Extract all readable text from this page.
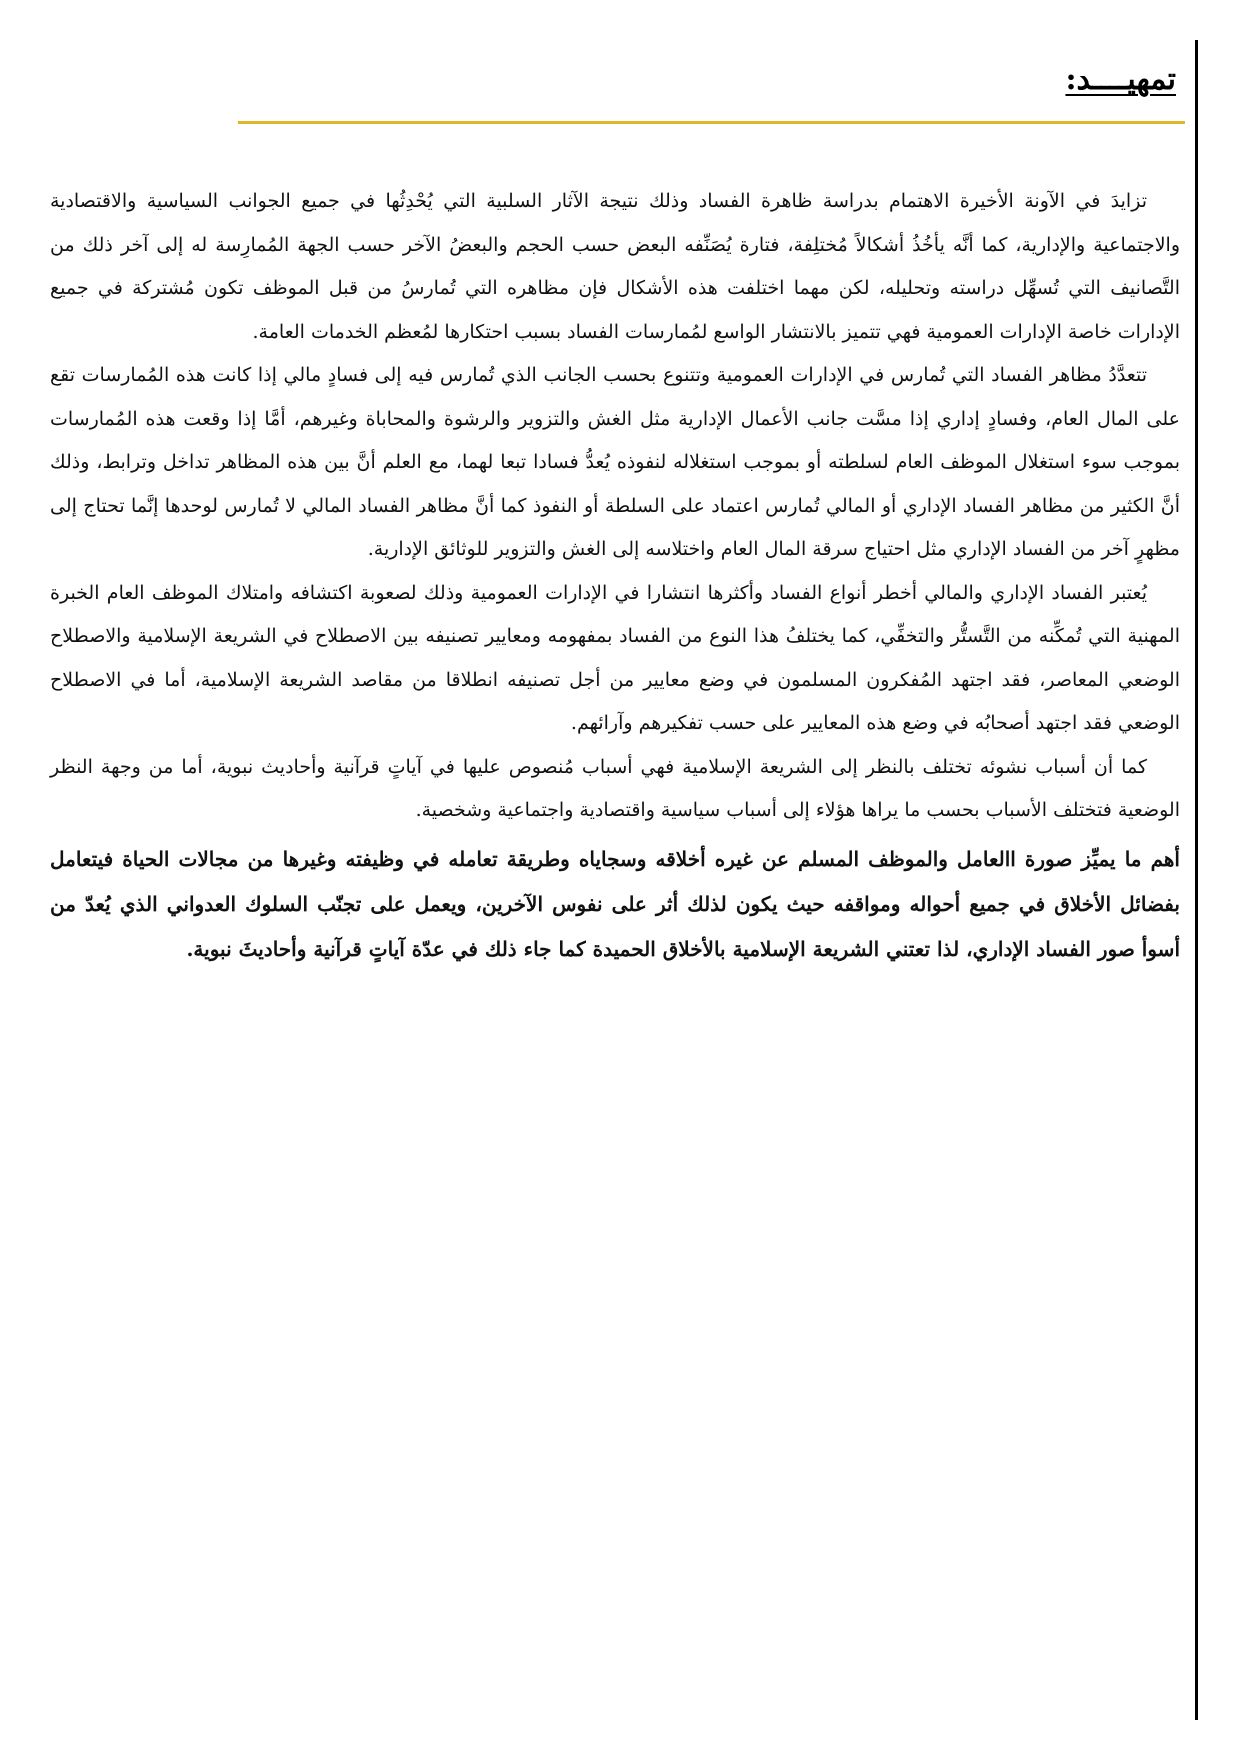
تمهيــــد:

تزايدَ في الآونة الأخيرة الاهتمام بدراسة ظاهرة الفساد وذلك نتيجة الآثار السلبية التي يُحْدِثُها في جميع الجوانب السياسية والاقتصادية والاجتماعية والإدارية، كما أنَّه يأخُذُ أشكالاً مُختلِفة، فتارة يُصَنِّفه البعض حسب الحجم والبعضُ الآخر حسب الجهة المُمارِسة له إلى آخر ذلك من التَّصانيف التي تُسهِّل دراسته وتحليله، لكن مهما اختلفت هذه الأشكال فإن مظاهره التي تُمارسُ من قبل الموظف تكون مُشتركة في جميع الإدارات خاصة الإدارات العمومية فهي تتميز بالانتشار الواسع لمُمارسات الفساد بسبب احتكارها لمُعظم الخدمات العامة.

تتعدَّدُ مظاهر الفساد التي تُمارس في الإدارات العمومية وتتنوع بحسب الجانب الذي تُمارس فيه إلى فسادٍ مالي إذا كانت هذه المُمارسات تقع على المال العام، وفسادٍ إداري إذا مسَّت جانب الأعمال الإدارية مثل الغش والتزوير والرشوة والمحاباة وغيرهم، أمَّا إذا وقعت هذه المُمارسات بموجب سوء استغلال الموظف العام لسلطته أو بموجب استغلاله لنفوذه يُعدُّ فسادا تبعا لهما، مع العلم أنَّ بين هذه المظاهر تداخل وترابط، وذلك أنَّ الكثير من مظاهر الفساد الإداري أو المالي تُمارس اعتماد على السلطة أو النفوذ كما أنَّ مظاهر الفساد المالي لا تُمارس لوحدها إنَّما تحتاج إلى مظهرٍ آخر من الفساد الإداري مثل احتياج سرقة المال العام واختلاسه إلى الغش والتزوير للوثائق الإدارية.

يُعتبر الفساد الإداري والمالي أخطر أنواع الفساد وأكثرها انتشارا في الإدارات العمومية وذلك لصعوبة اكتشافه وامتلاك الموظف العام الخبرة المهنية التي تُمكِّنه من التَّستُّر والتخفِّي، كما يختلفُ هذا النوع من الفساد بمفهومه ومعايير تصنيفه بين الاصطلاح في الشريعة الإسلامية والاصطلاح الوضعي المعاصر، فقد اجتهد المُفكرون المسلمون في وضع معايير من أجل تصنيفه انطلاقا من مقاصد الشريعة الإسلامية، أما في الاصطلاح الوضعي فقد اجتهد أصحابُه في وضع هذه المعايير على حسب تفكيرهم وآرائهم.

كما أن أسباب نشوئه تختلف بالنظر إلى الشريعة الإسلامية فهي أسباب مُنصوص عليها في آياتٍ قرآنية وأحاديث نبوية، أما من وجهة النظر الوضعية فتختلف الأسباب بحسب ما يراها هؤلاء إلى أسباب سياسية واقتصادية واجتماعية وشخصية.

أهم ما يميِّز صورة االعامل والموظف المسلم عن غيره أخلاقه وسجاياه وطريقة تعامله في وظيفته وغيرها من مجالات الحياة فيتعامل بفضائل الأخلاق في جميع أحواله ومواقفه حيث يكون لذلك أثر على نفوس الآخرين، ويعمل على تجنّب السلوك العدواني الذي يُعدّ من أسوأ صور الفساد الإداري، لذا تعتني الشريعة الإسلامية بالأخلاق الحميدة كما جاء ذلك في عدّة آياتٍ قرآنية وأحاديثَ نبوية.
